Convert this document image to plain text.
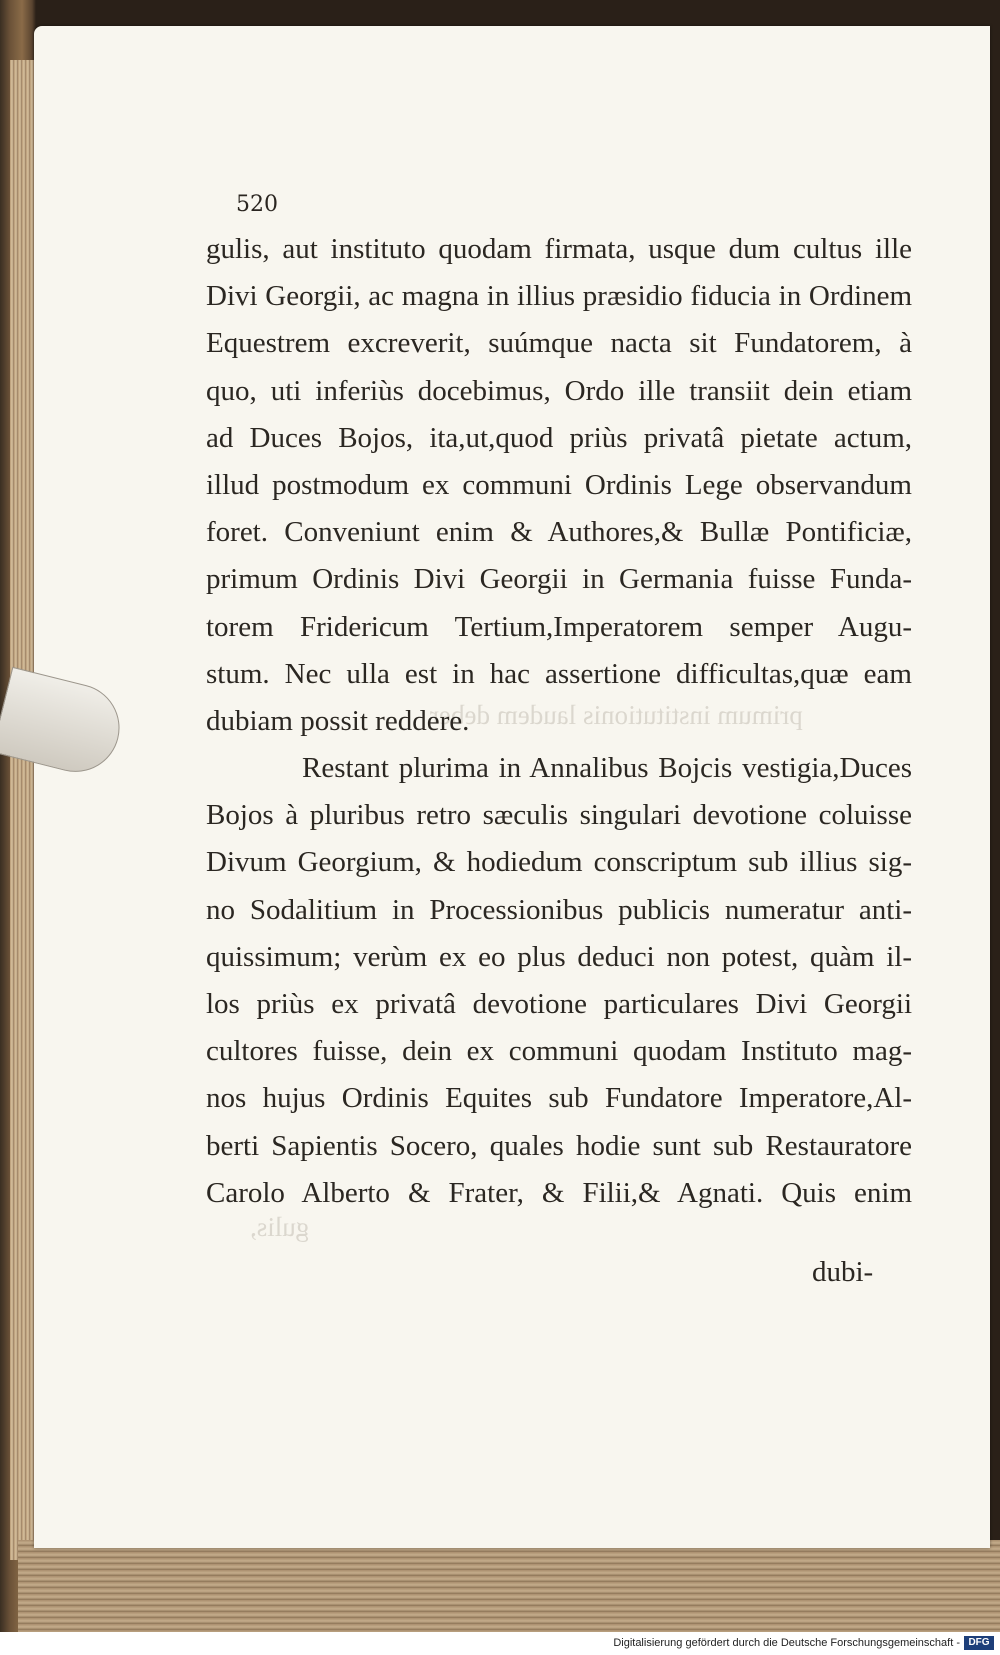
primum institutionis laudem deber
gulis,
520
gulis, aut instituto quodam firmata, usque dum cultus ille
Divi Georgii, ac magna in illius præsidio fiducia in Ordinem
Equestrem excreverit, suúmque nacta sit Fundatorem, à
quo, uti inferiùs docebimus, Ordo ille transiit dein etiam
ad Duces Bojos, ita,ut,quod priùs privatâ pietate actum,
illud postmodum ex communi Ordinis Lege observandum
foret. Conveniunt enim & Authores,& Bullæ Pontificiæ,
primum Ordinis Divi Georgii in Germania fuisse Funda-
torem Fridericum Tertium,Imperatorem semper Augu-
stum. Nec ulla est in hac assertione difficultas,quæ eam
dubiam possit reddere.
Restant plurima in Annalibus Bojcis vestigia,Duces
Bojos à pluribus retro sæculis singulari devotione coluisse
Divum Georgium, & hodiedum conscriptum sub illius sig-
no Sodalitium in Processionibus publicis numeratur anti-
quissimum; verùm ex eo plus deduci non potest, quàm il-
los priùs ex privatâ devotione particulares Divi Georgii
cultores fuisse, dein ex communi quodam Instituto mag-
nos hujus Ordinis Equites sub Fundatore Imperatore,Al-
berti Sapientis Socero, quales hodie sunt sub Restauratore
Carolo Alberto & Frater, & Filii,& Agnati. Quis enim
dubi-
Digitalisierung gefördert durch die Deutsche Forschungsgemeinschaft - DFG
